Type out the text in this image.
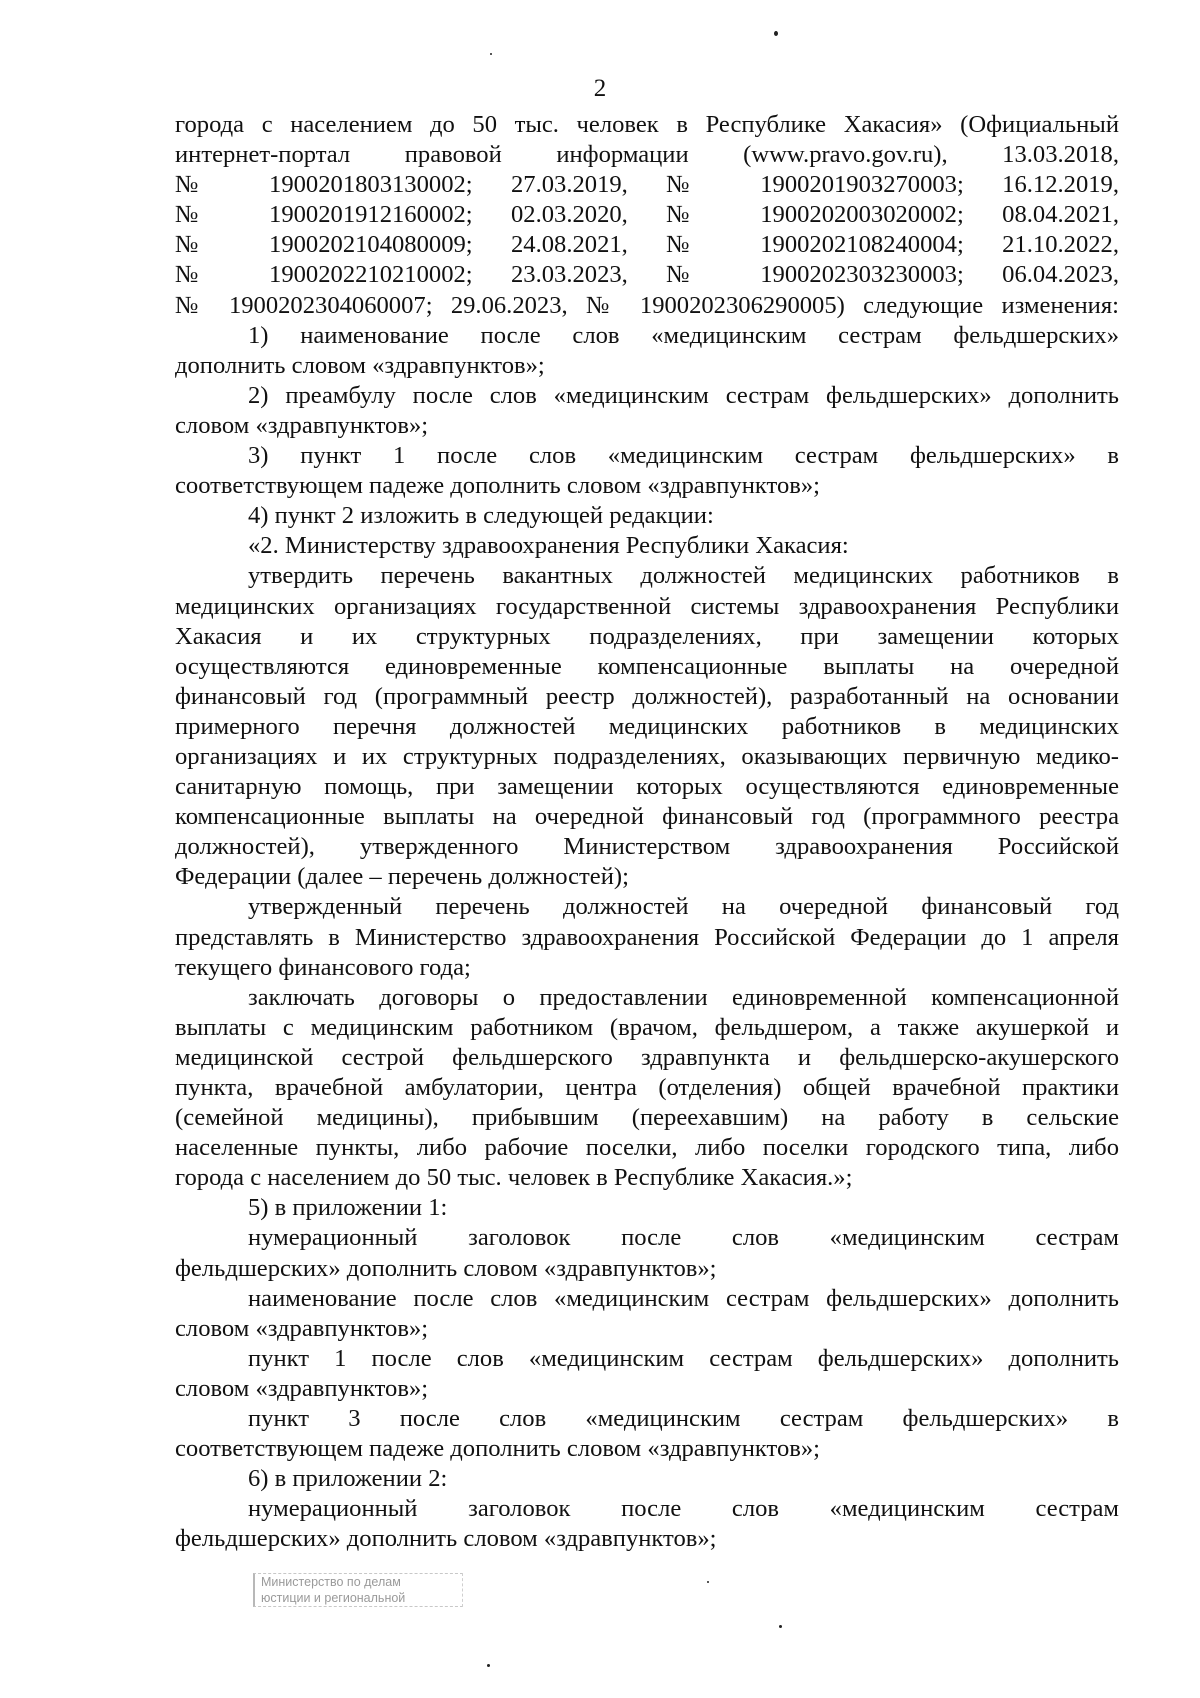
2
города с населением до 50 тыс. человек в Республике Хакасия» (Официальный
интернет-портал правовой информации (www.pravo.gov.ru), 13.03.2018,
№ 1900201803130002; 27.03.2019, № 1900201903270003; 16.12.2019,
№ 1900201912160002; 02.03.2020, № 1900202003020002; 08.04.2021,
№ 1900202104080009; 24.08.2021, № 1900202108240004; 21.10.2022,
№ 1900202210210002; 23.03.2023, № 1900202303230003; 06.04.2023,
№ 1900202304060007; 29.06.2023, № 1900202306290005) следующие изменения:
1) наименование после слов «медицинским сестрам фельдшерских»
дополнить словом «здравпунктов»;
2) преамбулу после слов «медицинским сестрам фельдшерских» дополнить
словом «здравпунктов»;
3) пункт 1 после слов «медицинским сестрам фельдшерских» в
соответствующем падеже дополнить словом «здравпунктов»;
4) пункт 2 изложить в следующей редакции:
«2. Министерству здравоохранения Республики Хакасия:
утвердить перечень вакантных должностей медицинских работников в
медицинских организациях государственной системы здравоохранения Республики
Хакасия и их структурных подразделениях, при замещении которых
осуществляются единовременные компенсационные выплаты на очередной
финансовый год (программный реестр должностей), разработанный на основании
примерного перечня должностей медицинских работников в медицинских
организациях и их структурных подразделениях, оказывающих первичную медико-
санитарную помощь, при замещении которых осуществляются единовременные
компенсационные выплаты на очередной финансовый год (программного реестра
должностей), утвержденного Министерством здравоохранения Российской
Федерации (далее – перечень должностей);
утвержденный перечень должностей на очередной финансовый год
представлять в Министерство здравоохранения Российской Федерации до 1 апреля
текущего финансового года;
заключать договоры о предоставлении единовременной компенсационной
выплаты с медицинским работником (врачом, фельдшером, а также акушеркой и
медицинской сестрой фельдшерского здравпункта и фельдшерско-акушерского
пункта, врачебной амбулатории, центра (отделения) общей врачебной практики
(семейной медицины), прибывшим (переехавшим) на работу в сельские
населенные пункты, либо рабочие поселки, либо поселки городского типа, либо
города с населением до 50 тыс. человек в Республике Хакасия.»;
5) в приложении 1:
нумерационный заголовок после слов «медицинским сестрам
фельдшерских» дополнить словом «здравпунктов»;
наименование после слов «медицинским сестрам фельдшерских» дополнить
словом «здравпунктов»;
пункт 1 после слов «медицинским сестрам фельдшерских» дополнить
словом «здравпунктов»;
пункт 3 после слов «медицинским сестрам фельдшерских» в
соответствующем падеже дополнить словом «здравпунктов»;
6) в приложении 2:
нумерационный заголовок после слов «медицинским сестрам
фельдшерских» дополнить словом «здравпунктов»;
Министерство по делам
юстиции и региональной
